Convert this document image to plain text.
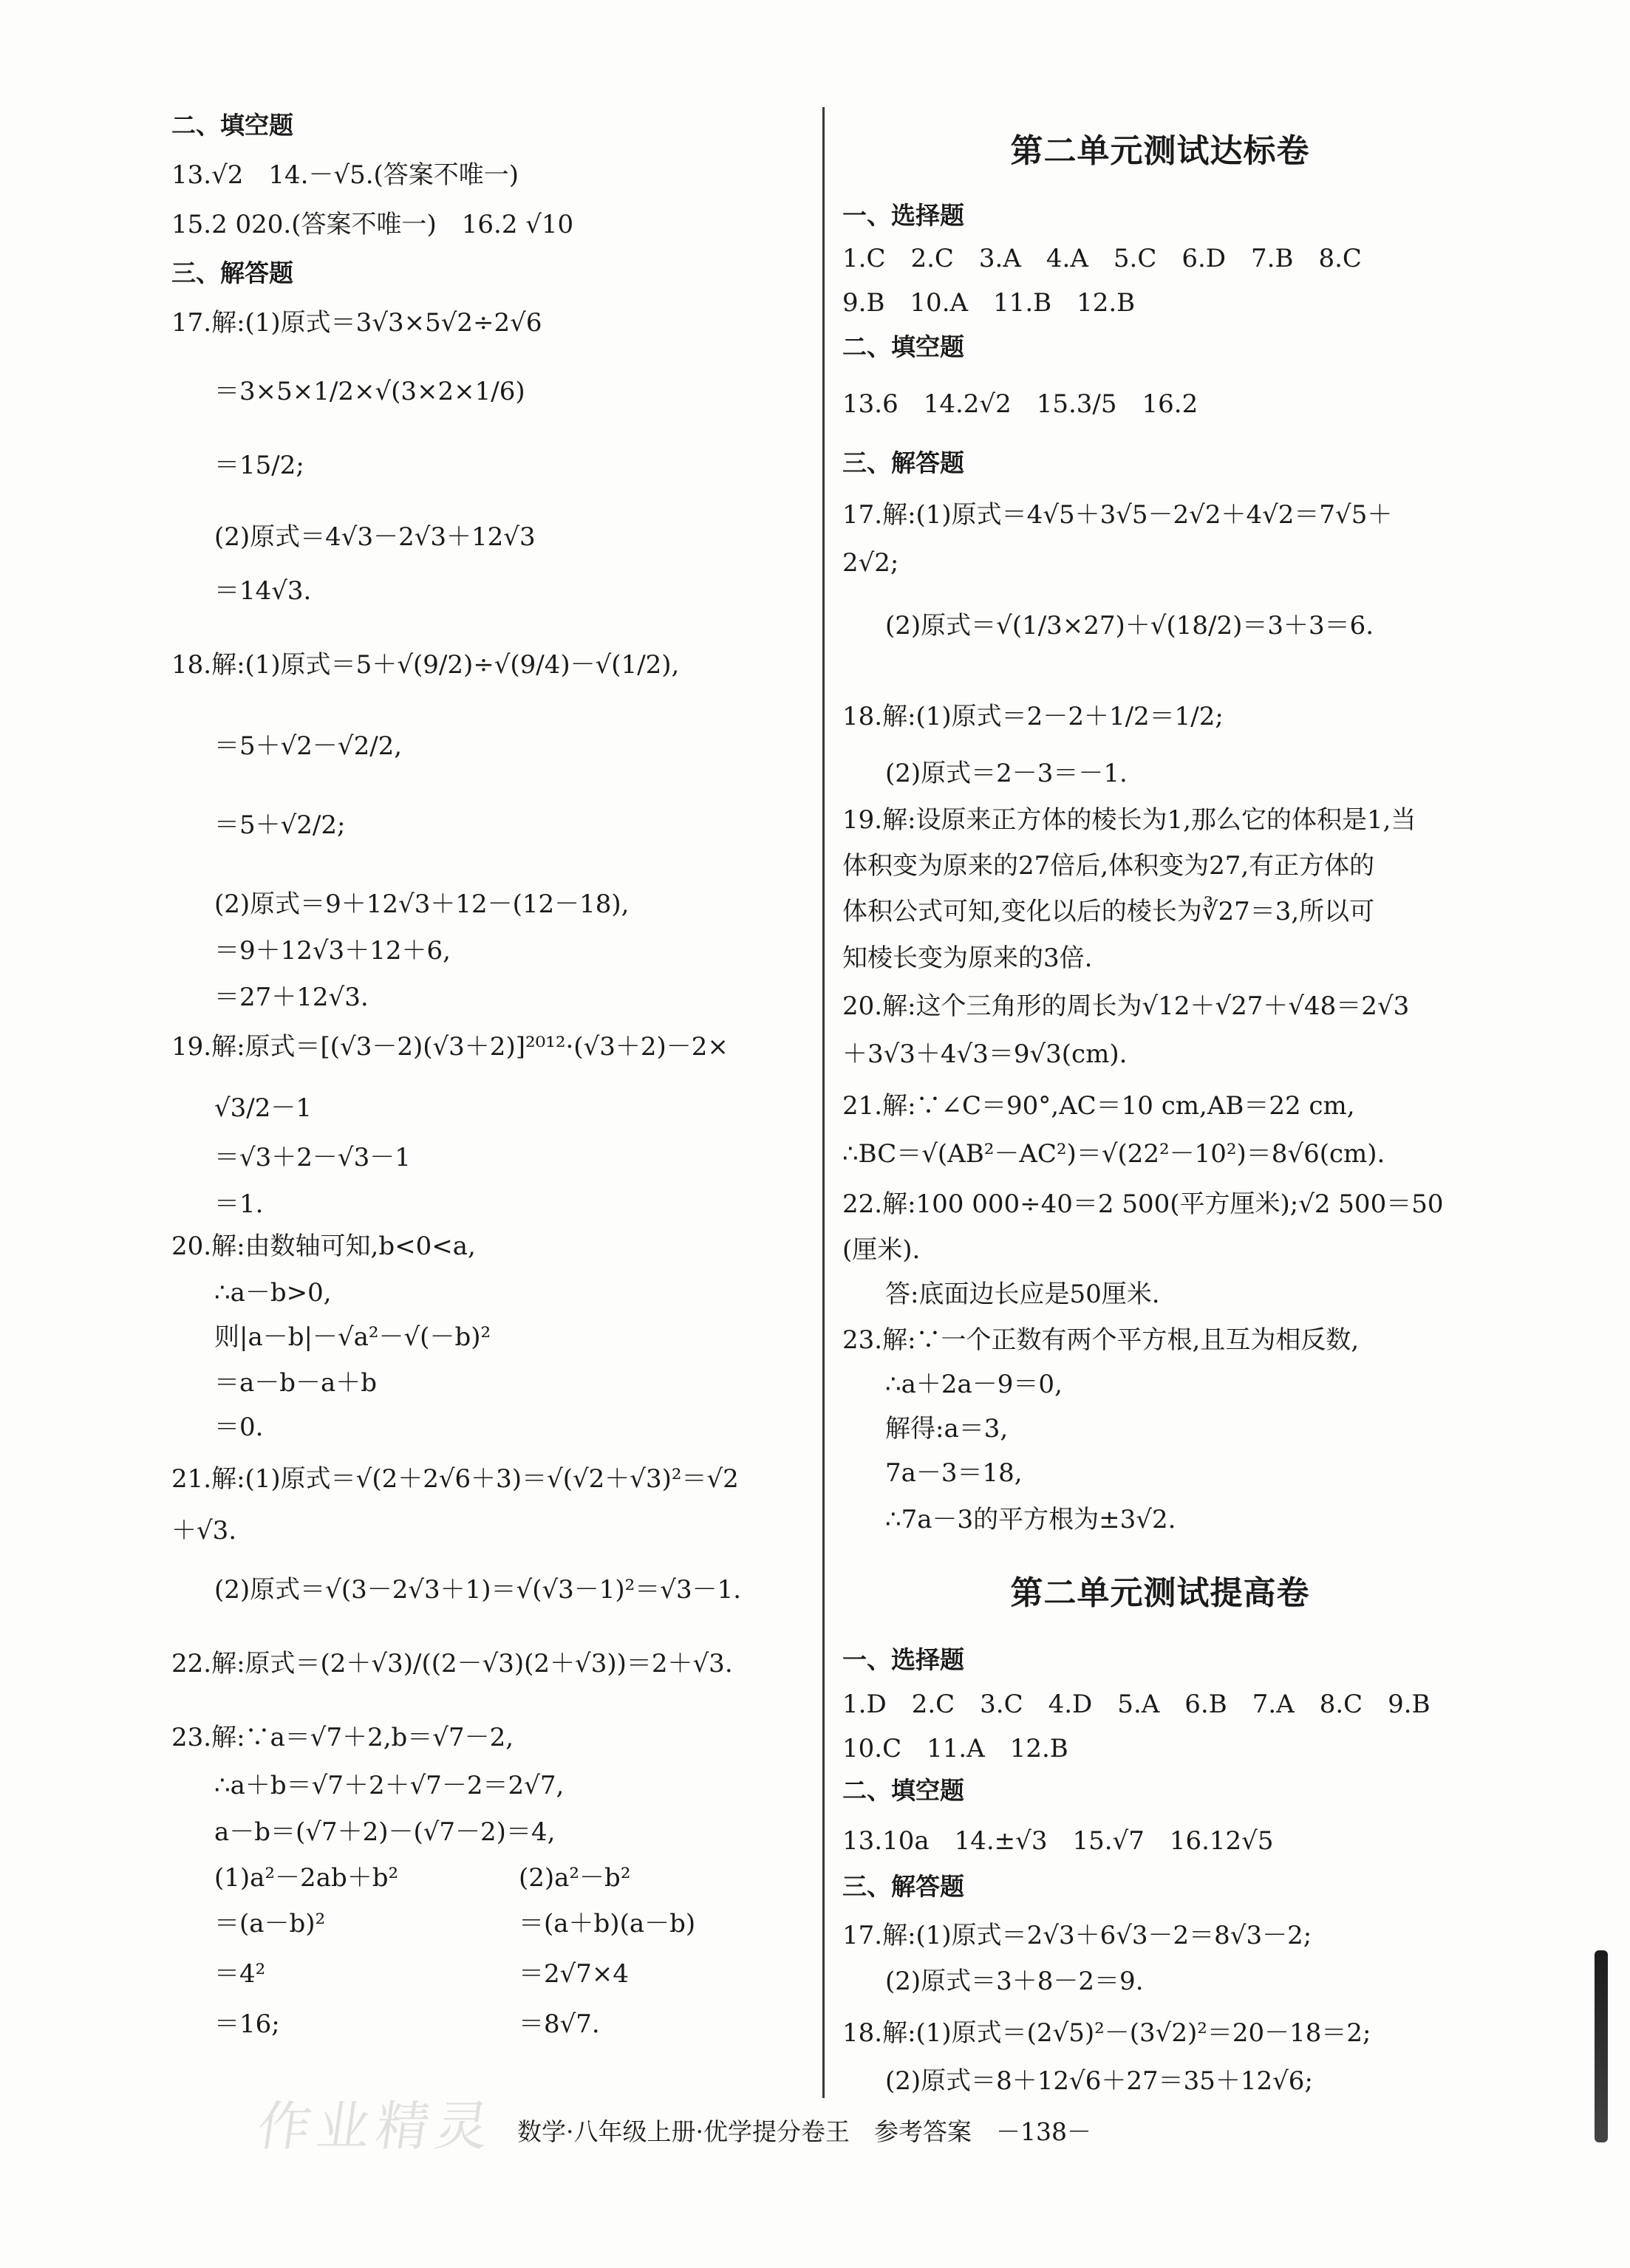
二、填空题
13.√2　14.－√5.(答案不唯一)
15.2 020.(答案不唯一)　16.2 √10
三、解答题
17.解:(1)原式＝3√3×5√2÷2√6
＝3×5×1/2×√(3×2×1/6)
＝15/2;
(2)原式＝4√3－2√3＋12√3
＝14√3.
18.解:(1)原式＝5＋√(9/2)÷√(9/4)－√(1/2),
＝5＋√2－√2/2,
＝5＋√2/2;
(2)原式＝9＋12√3＋12－(12－18),
＝9＋12√3＋12＋6,
＝27＋12√3.
19.解:原式＝[(√3－2)(√3＋2)]²⁰¹²·(√3＋2)－2×
√3/2－1
＝√3＋2－√3－1
＝1.
20.解:由数轴可知,b<0<a,
∴a－b>0,
则|a－b|－√a²－√(－b)²
＝a－b－a＋b
＝0.
21.解:(1)原式＝√(2＋2√6＋3)＝√(√2＋√3)²＝√2
＋√3.
(2)原式＝√(3－2√3＋1)＝√(√3－1)²＝√3－1.
22.解:原式＝(2＋√3)/((2－√3)(2＋√3))＝2＋√3.
23.解:∵a＝√7＋2,b＝√7－2,
∴a＋b＝√7＋2＋√7－2＝2√7,
a－b＝(√7＋2)－(√7－2)＝4,
(1)a²－2ab＋b²	(2)a²－b²
＝(a－b)²	＝(a＋b)(a－b)
＝4²	＝2√7×4
＝16;	＝8√7.
第二单元测试达标卷
一、选择题
1.C　2.C　3.A　4.A　5.C　6.D　7.B　8.C
9.B　10.A　11.B　12.B
二、填空题
13.6　14.2√2　15.3/5　16.2
三、解答题
17.解:(1)原式＝4√5＋3√5－2√2＋4√2＝7√5＋
2√2;
(2)原式＝√(1/3×27)＋√(18/2)＝3＋3＝6.
18.解:(1)原式＝2－2＋1/2＝1/2;
(2)原式＝2－3＝－1.
19.解:设原来正方体的棱长为1,那么它的体积是1,当
体积变为原来的27倍后,体积变为27,有正方体的
体积公式可知,变化以后的棱长为∛27＝3,所以可
知棱长变为原来的3倍.
20.解:这个三角形的周长为√12＋√27＋√48＝2√3
＋3√3＋4√3＝9√3(cm).
21.解:∵∠C＝90°,AC＝10 cm,AB＝22 cm,
∴BC＝√(AB²－AC²)＝√(22²－10²)＝8√6(cm).
22.解:100 000÷40＝2 500(平方厘米);√2 500＝50
(厘米).
答:底面边长应是50厘米.
23.解:∵一个正数有两个平方根,且互为相反数,
∴a＋2a－9＝0,
解得:a＝3,
7a－3＝18,
∴7a－3的平方根为±3√2.
第二单元测试提高卷
一、选择题
1.D　2.C　3.C　4.D　5.A　6.B　7.A　8.C　9.B
10.C　11.A　12.B
二、填空题
13.10a　14.±√3　15.√7　16.12√5
三、解答题
17.解:(1)原式＝2√3＋6√3－2＝8√3－2;
(2)原式＝3＋8－2＝9.
18.解:(1)原式＝(2√5)²－(3√2)²＝20－18＝2;
(2)原式＝8＋12√6＋27＝35＋12√6;
作业精灵 数学·八年级上册·优学提分卷王　参考答案　－138－
